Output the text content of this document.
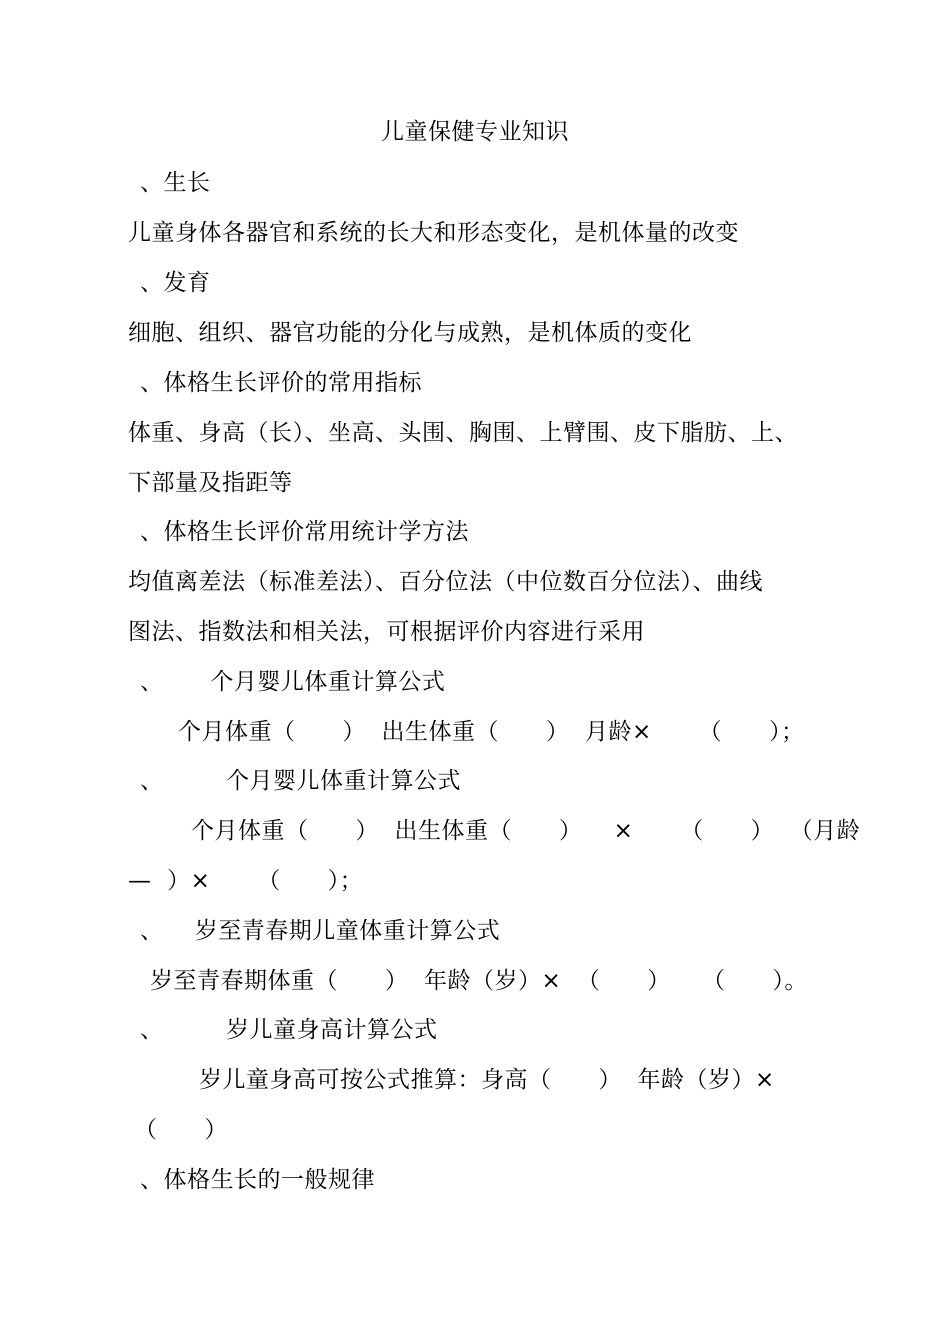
儿童保健专业知识
、生长
儿童身体各器官和系统的长大和形态变化，是机体量的改变
、发育
细胞、组织、器官功能的分化与成熟，是机体质的变化
、体格生长评价的常用指标
体重、身高（长）、坐高、头围、胸围、上臂围、皮下脂肪、上、
下部量及指距等
、体格生长评价常用统计学方法
均值离差法（标准差法）、百分位法（中位数百分位法）、曲线
图法、指数法和相关法，可根据评价内容进行采用
、      个月婴儿体重计算公式
个月体重（      ）  出生体重（      ）  月龄×      （      ）；
、        个月婴儿体重计算公式
个月体重（      ）  出生体重（      ）    ×      （      ）  （月龄
—  ）×      （      ）；
、    岁至青春期儿童体重计算公式
岁至青春期体重（      ）  年龄（岁）×  （      ）    （      ）。
、        岁儿童身高计算公式
岁儿童身高可按公式推算：身高（      ）  年龄（岁）×
（      ）
、体格生长的一般规律
